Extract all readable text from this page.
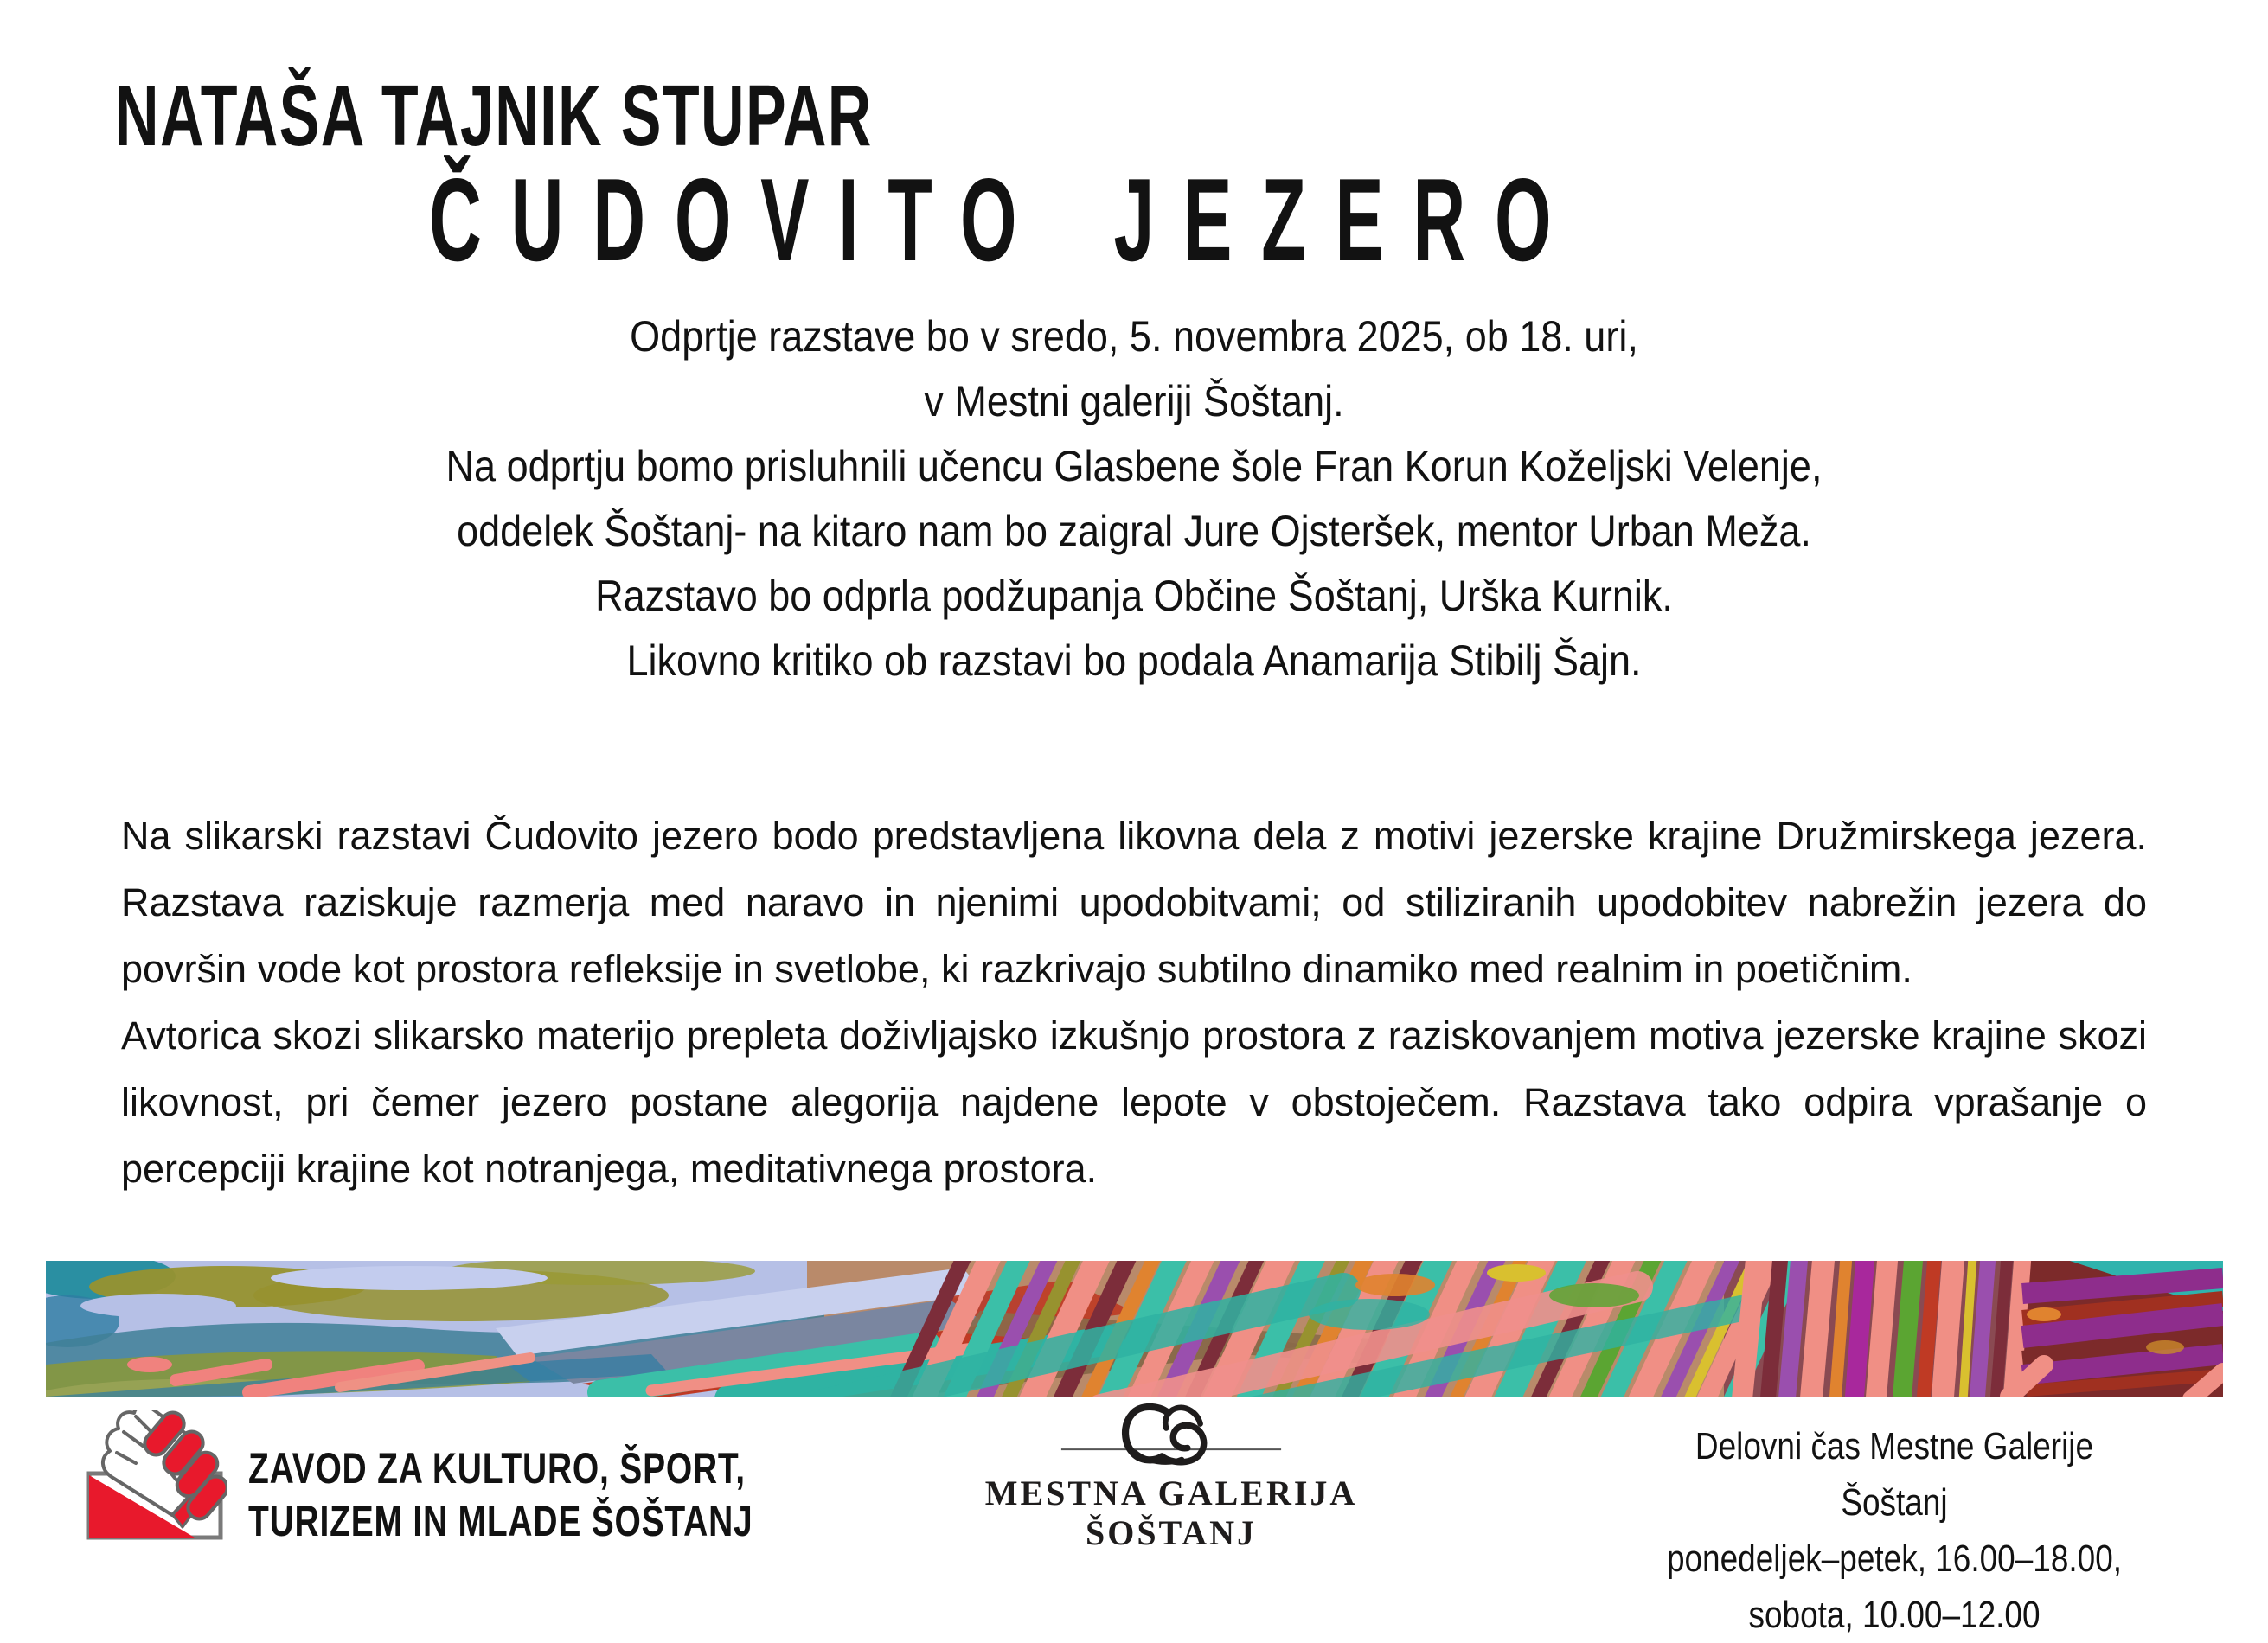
NATAŠA TAJNIK STUPAR
ČUDOVITO JEZERO
Odprtje razstave bo v sredo, 5. novembra 2025, ob 18. uri,
v Mestni galeriji Šoštanj.
Na odprtju bomo prisluhnili učencu Glasbene šole Fran Korun Koželjski Velenje,
oddelek Šoštanj- na kitaro nam bo zaigral Jure Ojsteršek, mentor Urban Meža.
Razstavo bo odprla podžupanja Občine Šoštanj, Urška Kurnik.
Likovno kritiko ob razstavi bo podala Anamarija Stibilj Šajn.

Na slikarski razstavi Čudovito jezero bodo predstavljena likovna dela z motivi jezerske krajine Družmirskega jezera. Razstava raziskuje razmerja med naravo in njenimi upodobitvami; od stiliziranih upodobitev nabrežin jezera do površin vode kot prostora refleksije in svetlobe, ki razkrivajo subtilno dinamiko med realnim in poetičnim.

Avtorica skozi slikarsko materijo prepleta doživljajsko izkušnjo prostora z raziskovanjem motiva jezerske krajine skozi likovnost, pri čemer jezero postane alegorija najdene lepote v obstoječem. Razstava tako odpira vprašanje o percepciji krajine kot notranjega, meditativnega prostora.

ZAVOD ZA KULTURO, ŠPORT,
TURIZEM IN MLADE ŠOŠTANJ
MESTNA GALERIJA
ŠOŠTANJ
Delovni čas Mestne Galerije Šoštanj
ponedeljek–petek, 16.00–18.00,
sobota, 10.00–12.00
